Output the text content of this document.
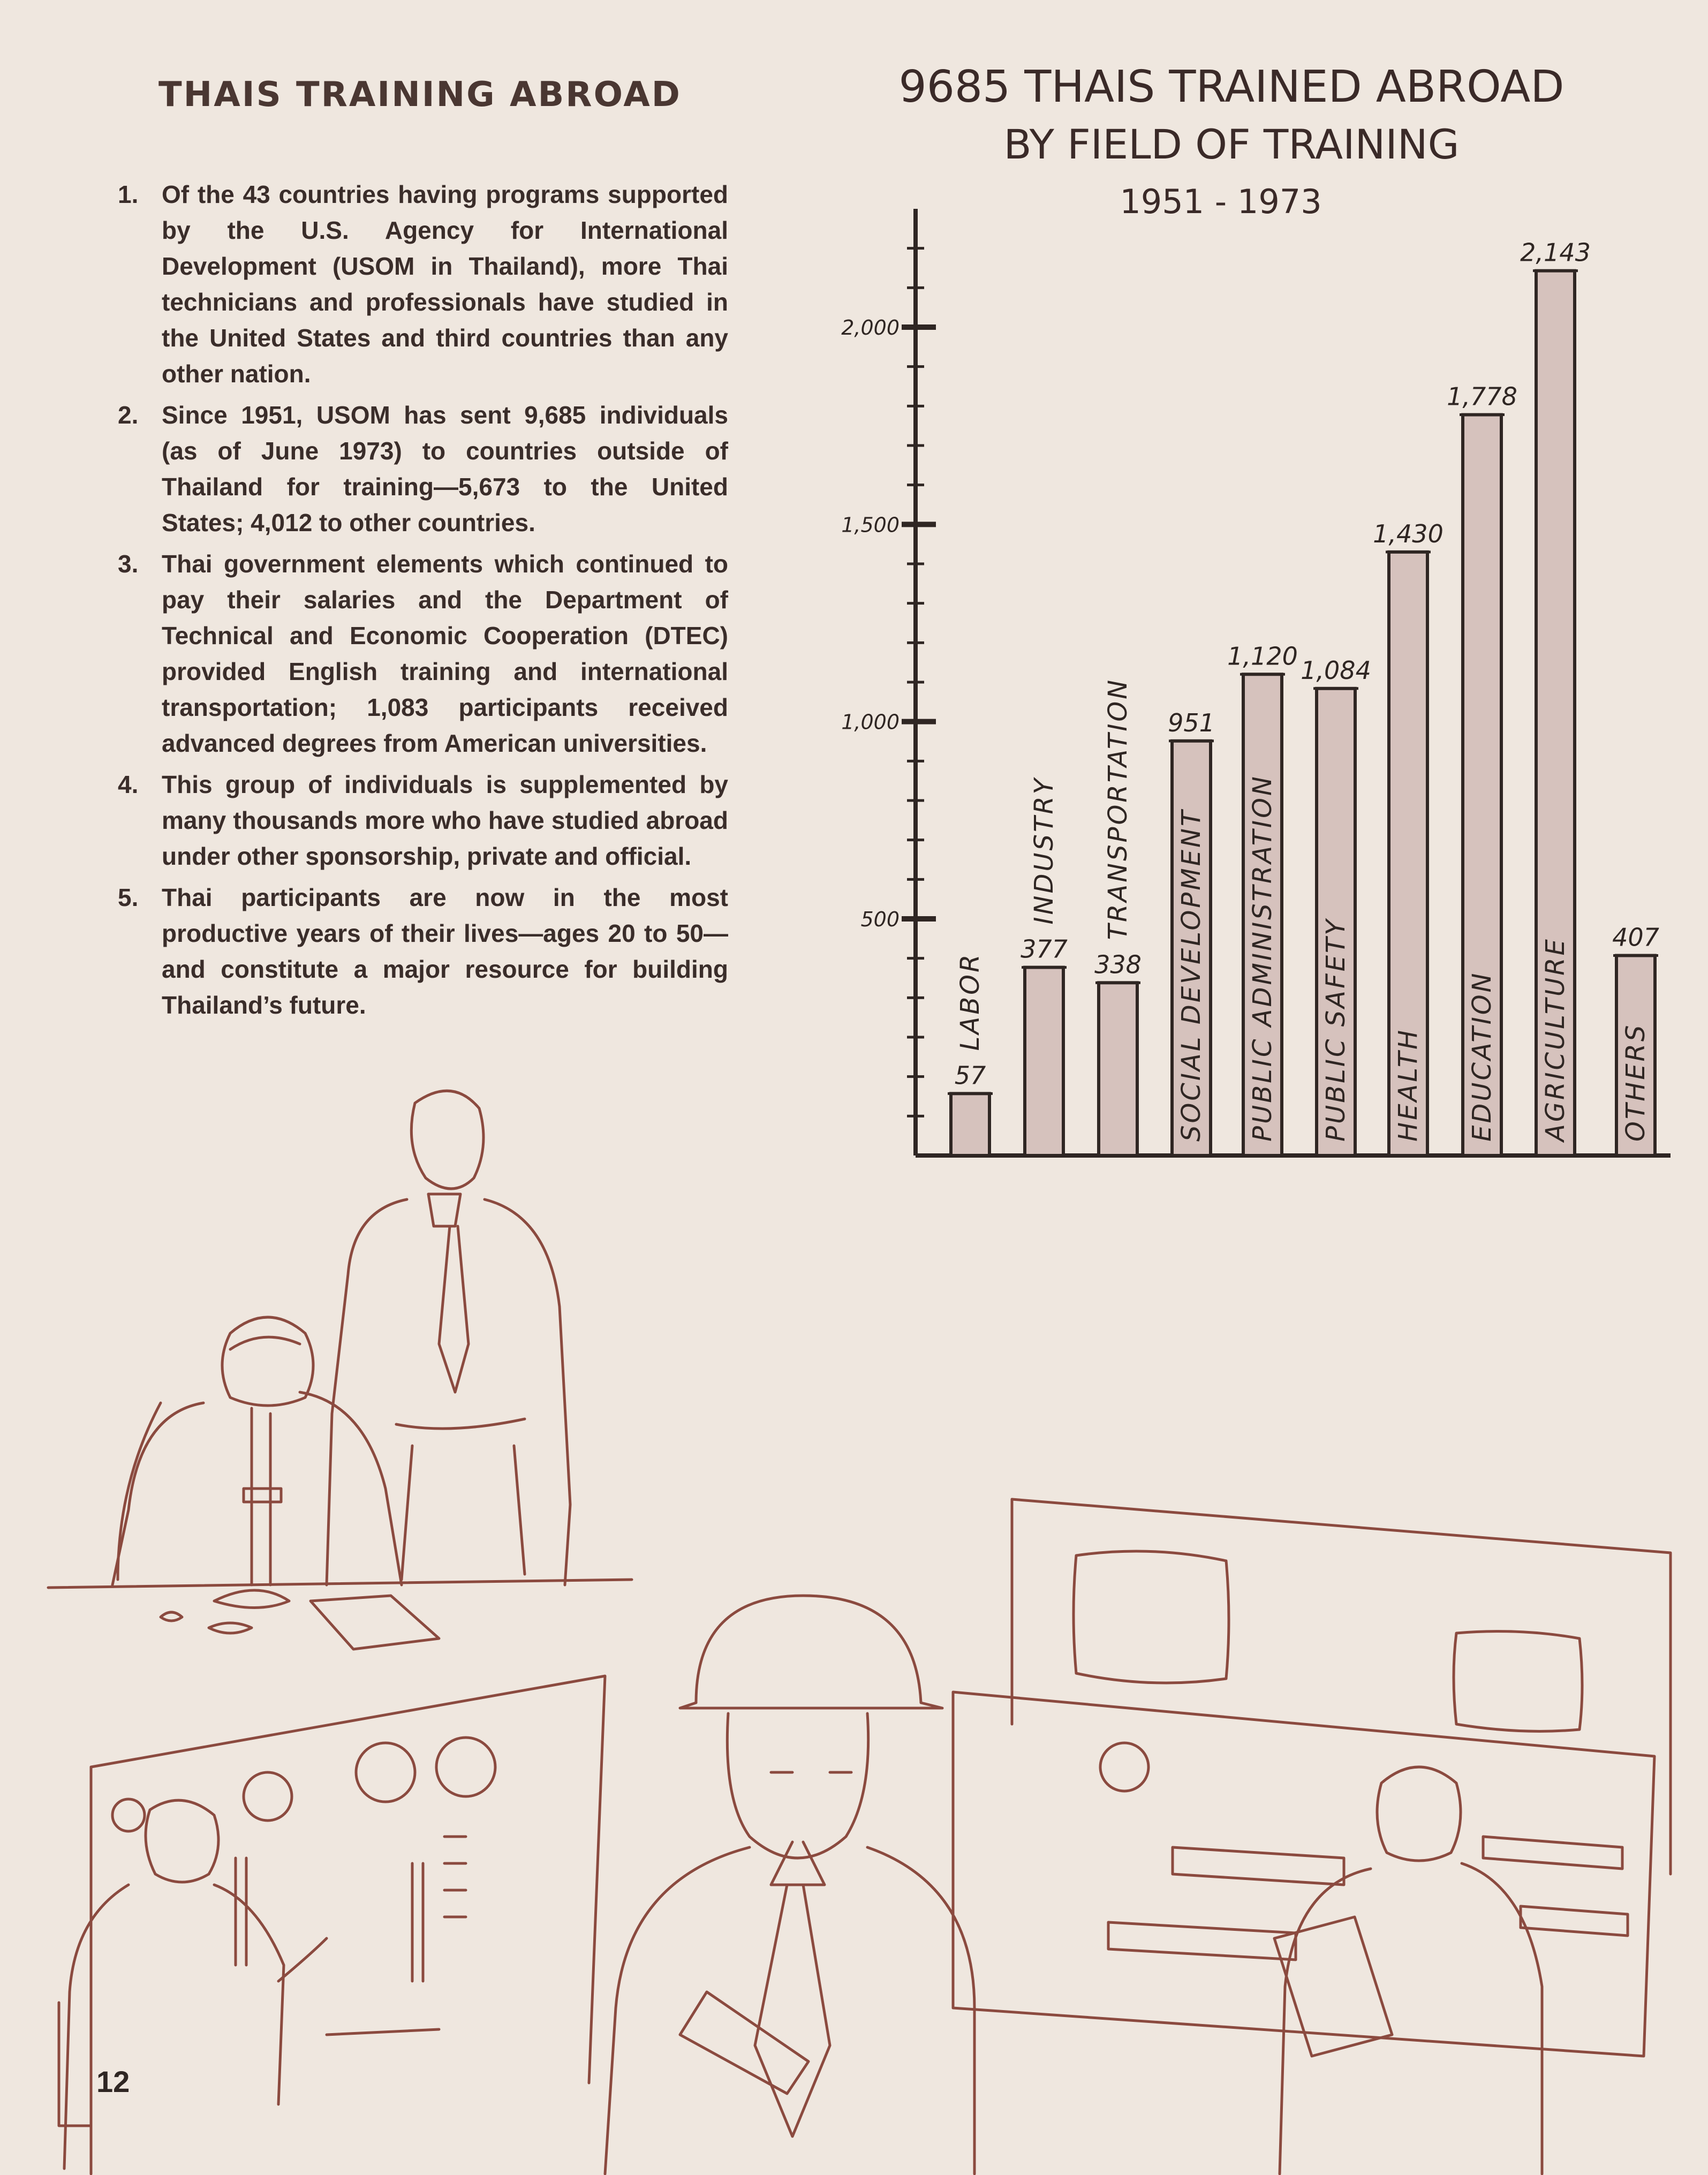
THAIS TRAINING ABROAD
1. Of the 43 countries having programs supported by the U.S. Agency for International Development (USOM in Thailand), more Thai technicians and professionals have studied in the United States and third countries than any other nation.
2. Since 1951, USOM has sent 9,685 individuals (as of June 1973) to countries outside of Thailand for training—5,673 to the United States; 4,012 to other countries.
3. Thai government elements which continued to pay their salaries and the Department of Technical and Economic Cooperation (DTEC) provided English training and international transportation; 1,083 participants received advanced degrees from American universities.
4. This group of individuals is supplemented by many thousands more who have studied abroad under other sponsorship, private and official.
5. Thai participants are now in the most productive years of their lives—ages 20 to 50—and constitute a major resource for building Thailand’s future.
9685 THAIS TRAINED ABROAD
BY FIELD OF TRAINING
1951 - 1973
500
1,000
1,500
2,000
57
LABOR
377
INDUSTRY
338
TRANSPORTATION 951
SOCIAL DEVELOPMENT
1,120
PUBLIC ADMINISTRATION
1,084
PUBLIC SAFETY
1,430
HEALTH
1,778
EDUCATION
2,143
AGRICULTURE 407
OTHERS
12
